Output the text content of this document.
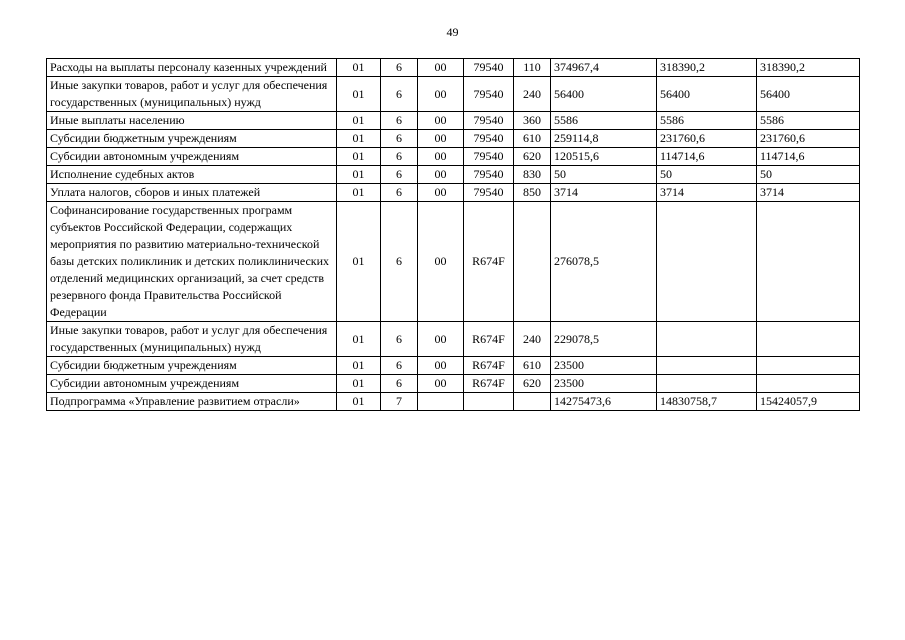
49
Расходы на выплаты персоналу казенных учреждений	01	6	00	79540	110	374967,4	318390,2	318390,2
Иные закупки товаров, работ и услуг для обеспечения государственных (муниципальных) нужд	01	6	00	79540	240	56400	56400	56400
Иные выплаты населению	01	6	00	79540	360	5586	5586	5586
Субсидии бюджетным учреждениям	01	6	00	79540	610	259114,8	231760,6	231760,6
Субсидии автономным учреждениям	01	6	00	79540	620	120515,6	114714,6	114714,6
Исполнение судебных актов	01	6	00	79540	830	50	50	50
Уплата налогов, сборов и иных платежей	01	6	00	79540	850	3714	3714	3714
Софинансирование государственных программ субъектов Российской Федерации, содержащих мероприятия по развитию материально-технической базы детских поликлиник и детских поликлинических отделений медицинских организаций, за счет средств резервного фонда Правительства Российской Федерации	01	6	00	R674F		276078,5		
Иные закупки товаров, работ и услуг для обеспечения государственных (муниципальных) нужд	01	6	00	R674F	240	229078,5		
Субсидии бюджетным учреждениям	01	6	00	R674F	610	23500		
Субсидии автономным учреждениям	01	6	00	R674F	620	23500		
Подпрограмма «Управление развитием отрасли»	01	7				14275473,6	14830758,7	15424057,9
